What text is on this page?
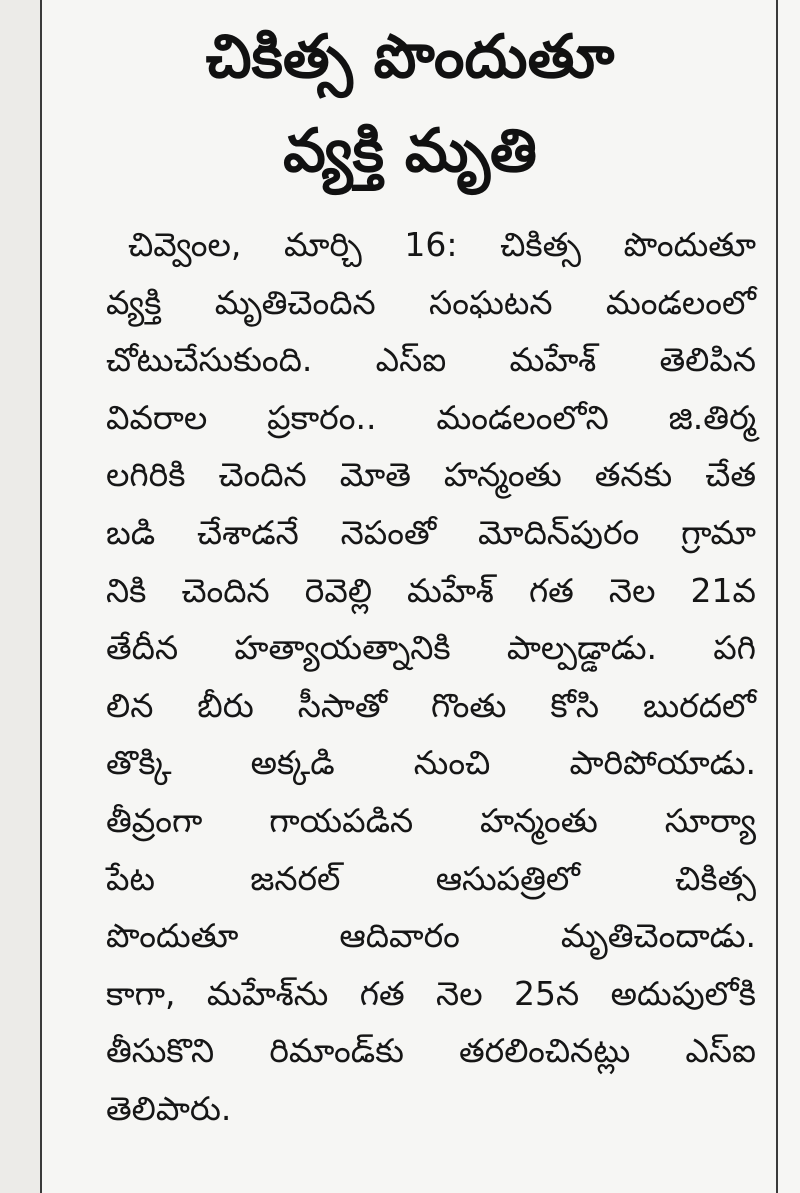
చికిత్స పొందుతూ
వ్యక్తి మృతి
చివ్వెంల, మార్చి 16: చికిత్స పొందుతూ
వ్యక్తి మృతిచెందిన సంఘటన మండలంలో
చోటుచేసుకుంది. ఎస్‌ఐ మహేశ్ తెలిపిన
వివరాల ప్రకారం.. మండలంలోని జి.తిర్మ
లగిరికి చెందిన మోతె హన్మంతు తనకు చేత
బడి చేశాడనే నెపంతో మోదిన్‌పురం గ్రామా
నికి చెందిన రెవెల్లి మహేశ్ గత నెల 21వ
తేదీన హత్యాయత్నానికి పాల్పడ్డాడు. పగి
లిన బీరు సీసాతో గొంతు కోసి బురదలో
తొక్కి అక్కడి నుంచి పారిపోయాడు.
తీవ్రంగా గాయపడిన హన్మంతు సూర్యా
పేట జనరల్ ఆసుపత్రిలో చికిత్స
పొందుతూ ఆదివారం మృతిచెందాడు.
కాగా, మహేశ్‌ను గత నెల 25న అదుపులోకి
తీసుకొని రిమాండ్‌కు తరలించినట్లు ఎస్‌ఐ
తెలిపారు.
